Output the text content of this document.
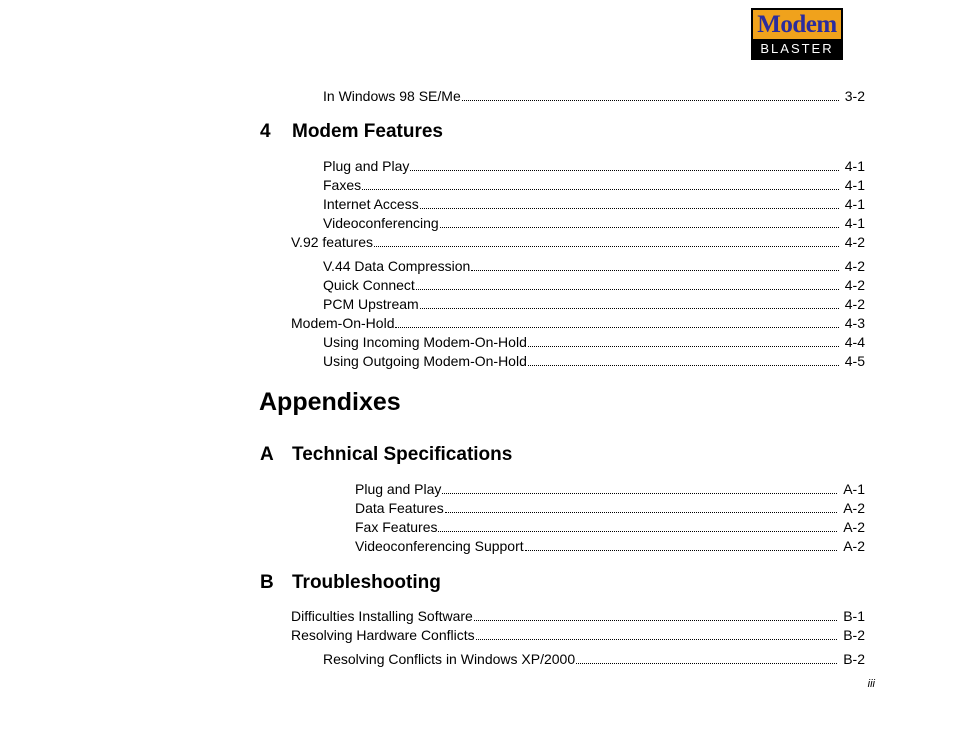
Modem
BLASTER
In Windows 98 SE/Me	3-2
4 Modem Features
Plug and Play	4-1
Faxes	4-1
Internet Access	4-1
Videoconferencing	4-1
V.92 features	4-2
V.44 Data Compression	4-2
Quick Connect	4-2
PCM Upstream	4-2
Modem-On-Hold	4-3
Using Incoming Modem-On-Hold	4-4
Using Outgoing Modem-On-Hold	4-5
Appendixes
A Technical Specifications
Plug and Play	A-1
Data Features	A-2
Fax Features	A-2
Videoconferencing Support	A-2
B Troubleshooting
Difficulties Installing Software	B-1
Resolving Hardware Conflicts	B-2
Resolving Conflicts in Windows XP/2000	B-2
iii
